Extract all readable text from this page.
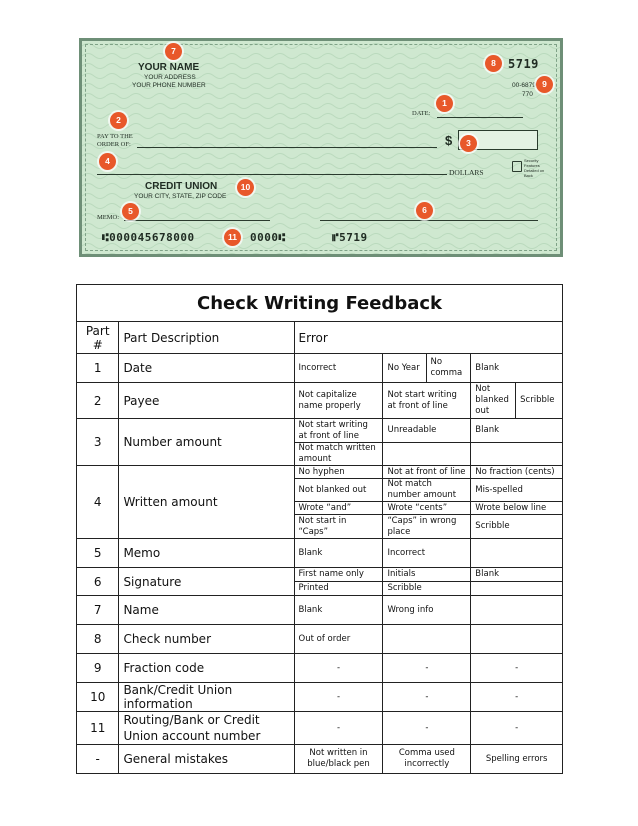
YOUR NAME
YOUR ADDRESS
YOUR PHONE NUMBER
5719
00-6879
770
DATE:
PAY TO THE
ORDER OF:	$
DOLLARS
Security Features Detailed on Back
CREDIT UNION
YOUR CITY, STATE, ZIP CODE
MEMO:
⑆000045678000	0000⑆	⑈5719
7
8
9
1
2
3
4
10
5	6
11
Check Writing Feedback						
Part #	Part Description	Error				
1	Date	Incorrect	No Year	No comma	Blank	
2	Payee	Not capitalize name properly	Not start writing at front of line		Not blanked out	Scribble
3	Number amount	Not start writing at front of line	Unreadable		Blank	
		Not match written amount				
4	Written amount	No hyphen	Not at front of line		No fraction (cents)	
		Not blanked out	Not match number amount		Mis-spelled	
		Wrote “and”	Wrote “cents”		Wrote below line	
		Not start in “Caps”	“Caps” in wrong place		Scribble	
5	Memo	Blank	Incorrect			
6	Signature	First name only	Initials		Blank	
		Printed	Scribble			
7	Name	Blank	Wrong info			
8	Check number	Out of order				
9	Fraction code	-	-		-	
10	Bank/Credit Union information	-	-		-	
11	Routing/Bank or Credit Union account number	-	-		-	
-	General mistakes	Not written in blue/black pen	Comma used incorrectly		Spelling errors	
